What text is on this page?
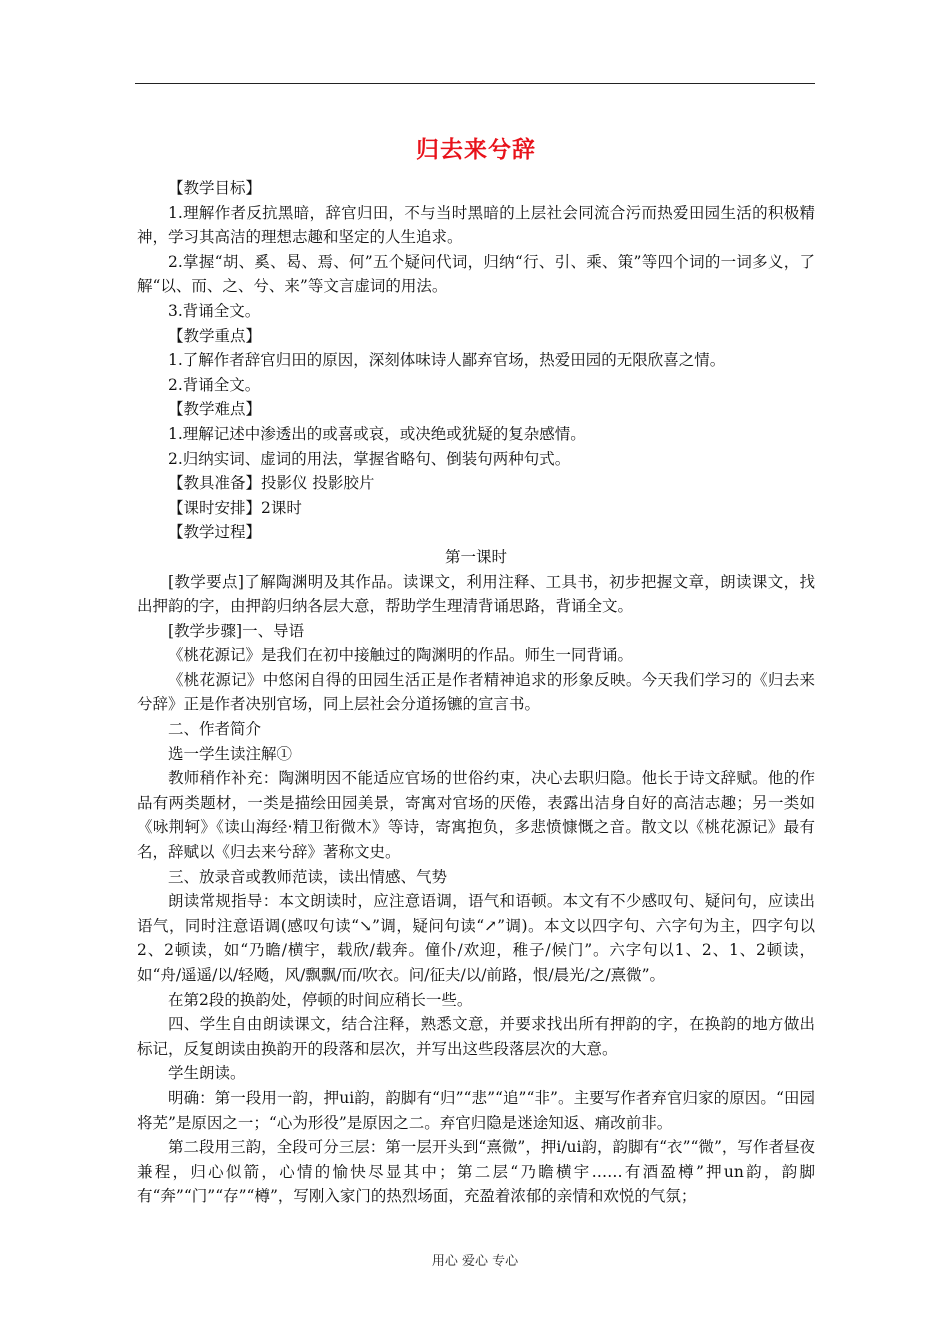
归去来兮辞

【教学目标】

1.理解作者反抗黑暗，辞官归田，不与当时黑暗的上层社会同流合污而热爱田园生活的积极精神，学习其高洁的理想志趣和坚定的人生追求。

2.掌握“胡、奚、曷、焉、何”五个疑问代词，归纳“行、引、乘、策”等四个词的一词多义，了解“以、而、之、兮、来”等文言虚词的用法。

3.背诵全文。

【教学重点】

1.了解作者辞官归田的原因，深刻体味诗人鄙弃官场，热爱田园的无限欣喜之情。

2.背诵全文。

【教学难点】

1.理解记述中渗透出的或喜或哀，或决绝或犹疑的复杂感情。

2.归纳实词、虚词的用法，掌握省略句、倒装句两种句式。

【教具准备】投影仪 投影胶片

【课时安排】2课时

【教学过程】

第一课时

[教学要点]了解陶渊明及其作品。读课文，利用注释、工具书，初步把握文章，朗读课文，找出押韵的字，由押韵归纳各层大意，帮助学生理清背诵思路，背诵全文。

[教学步骤]一、导语

《桃花源记》是我们在初中接触过的陶渊明的作品。师生一同背诵。

《桃花源记》中悠闲自得的田园生活正是作者精神追求的形象反映。今天我们学习的《归去来兮辞》正是作者决别官场，同上层社会分道扬镳的宣言书。

二、作者简介

选一学生读注解①

教师稍作补充：陶渊明因不能适应官场的世俗约束，决心去职归隐。他长于诗文辞赋。他的作品有两类题材，一类是描绘田园美景，寄寓对官场的厌倦，表露出洁身自好的高洁志趣；另一类如《咏荆轲》《读山海经·精卫衔微木》等诗，寄寓抱负，多悲愤慷慨之音。散文以《桃花源记》最有名，辞赋以《归去来兮辞》著称文史。

三、放录音或教师范读，读出情感、气势

朗读常规指导：本文朗读时，应注意语调，语气和语顿。本文有不少感叹句、疑问句，应读出语气，同时注意语调(感叹句读“↘”调，疑问句读“↗”调)。本文以四字句、六字句为主，四字句以2、2顿读，如“乃瞻/横宇，载欣/载奔。僮仆/欢迎，稚子/候门”。六字句以1、2、1、2顿读，如“舟/遥遥/以/轻飏，风/飘飘/而/吹衣。问/征夫/以/前路，恨/晨光/之/熹微”。

在第2段的换韵处，停顿的时间应稍长一些。

四、学生自由朗读课文，结合注释，熟悉文意，并要求找出所有押韵的字，在换韵的地方做出标记，反复朗读由换韵开的段落和层次，并写出这些段落层次的大意。

学生朗读。

明确：第一段用一韵，押ui韵，韵脚有“归”“悲”“追”“非”。主要写作者弃官归家的原因。“田园将芜”是原因之一；“心为形役”是原因之二。弃官归隐是迷途知返、痛改前非。

第二段用三韵，全段可分三层：第一层开头到“熹微”，押i/ui韵，韵脚有“衣”“微”，写作者昼夜兼程，归心似箭，心情的愉快尽显其中；第二层“乃瞻横宇……有酒盈樽”押un韵，韵脚有“奔”“门”“存”“樽”，写刚入家门的热烈场面，充盈着浓郁的亲情和欢悦的气氛；

用心 爱心 专心
